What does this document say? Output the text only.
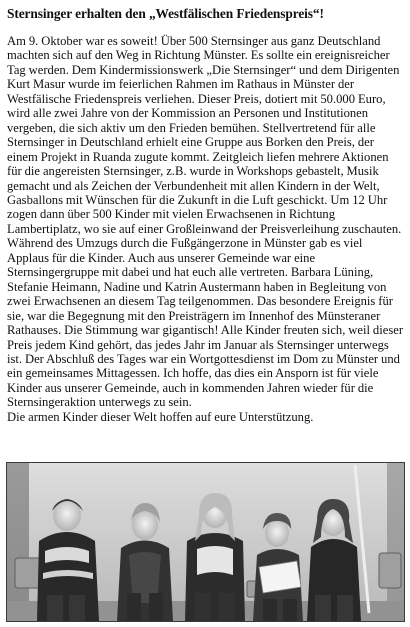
Sternsinger erhalten den „Westfälischen Friedenspreis“!

Am 9. Oktober war es soweit! Über 500 Sternsinger aus ganz Deutschland machten sich auf den Weg in Richtung Münster. Es sollte ein ereignisreicher Tag werden. Dem Kindermissionswerk „Die Sternsinger“ und dem Dirigenten Kurt Masur wurde im feierlichen Rahmen im Rathaus in Münster der Westfälische Friedenspreis verliehen. Dieser Preis, dotiert mit 50.000 Euro, wird alle zwei Jahre von der Kommission an Personen und Institutionen vergeben, die sich aktiv um den Frieden bemühen. Stellvertretend für alle Sternsinger in Deutschland erhielt eine Gruppe aus Borken den Preis, der einem Projekt in Ruanda zugute kommt. Zeitgleich liefen mehrere Aktionen für die angereisten Sternsinger, z.B. wurde in Workshops gebastelt, Musik gemacht und als Zeichen der Verbundenheit mit allen Kindern in der Welt, Gasballons mit Wünschen für die Zukunft in die Luft geschickt. Um 12 Uhr zogen dann über 500 Kinder mit vielen Erwachsenen in Richtung Lambertiplatz, wo sie auf einer Großleinwand der Preisverleihung zuschauten. Während des Umzugs durch die Fußgängerzone in Münster gab es viel Applaus für die Kinder. Auch aus unserer Gemeinde war eine Sternsingergruppe mit dabei und hat euch alle vertreten. Barbara Lüning, Stefanie Heimann, Nadine und Katrin Austermann haben in Begleitung von zwei Erwachsenen an diesem Tag teilgenommen. Das besondere Ereignis für sie, war die Begegnung mit den Preisträgern im Innenhof des Münsteraner Rathauses. Die Stimmung war gigantisch! Alle Kinder freuten sich, weil dieser Preis jedem Kind gehört, das jedes Jahr im Januar als Sternsinger unterwegs ist. Der Abschluß des Tages war ein Wortgottesdienst im Dom zu Münster und ein gemeinsames Mittagessen. Ich hoffe, das dies ein Ansporn ist für viele Kinder aus unserer Gemeinde, auch in kommenden Jahren wieder für die Sternsingeraktion unterwegs zu sein.

Die armen Kinder dieser Welt hoffen auf eure Unterstützung.
